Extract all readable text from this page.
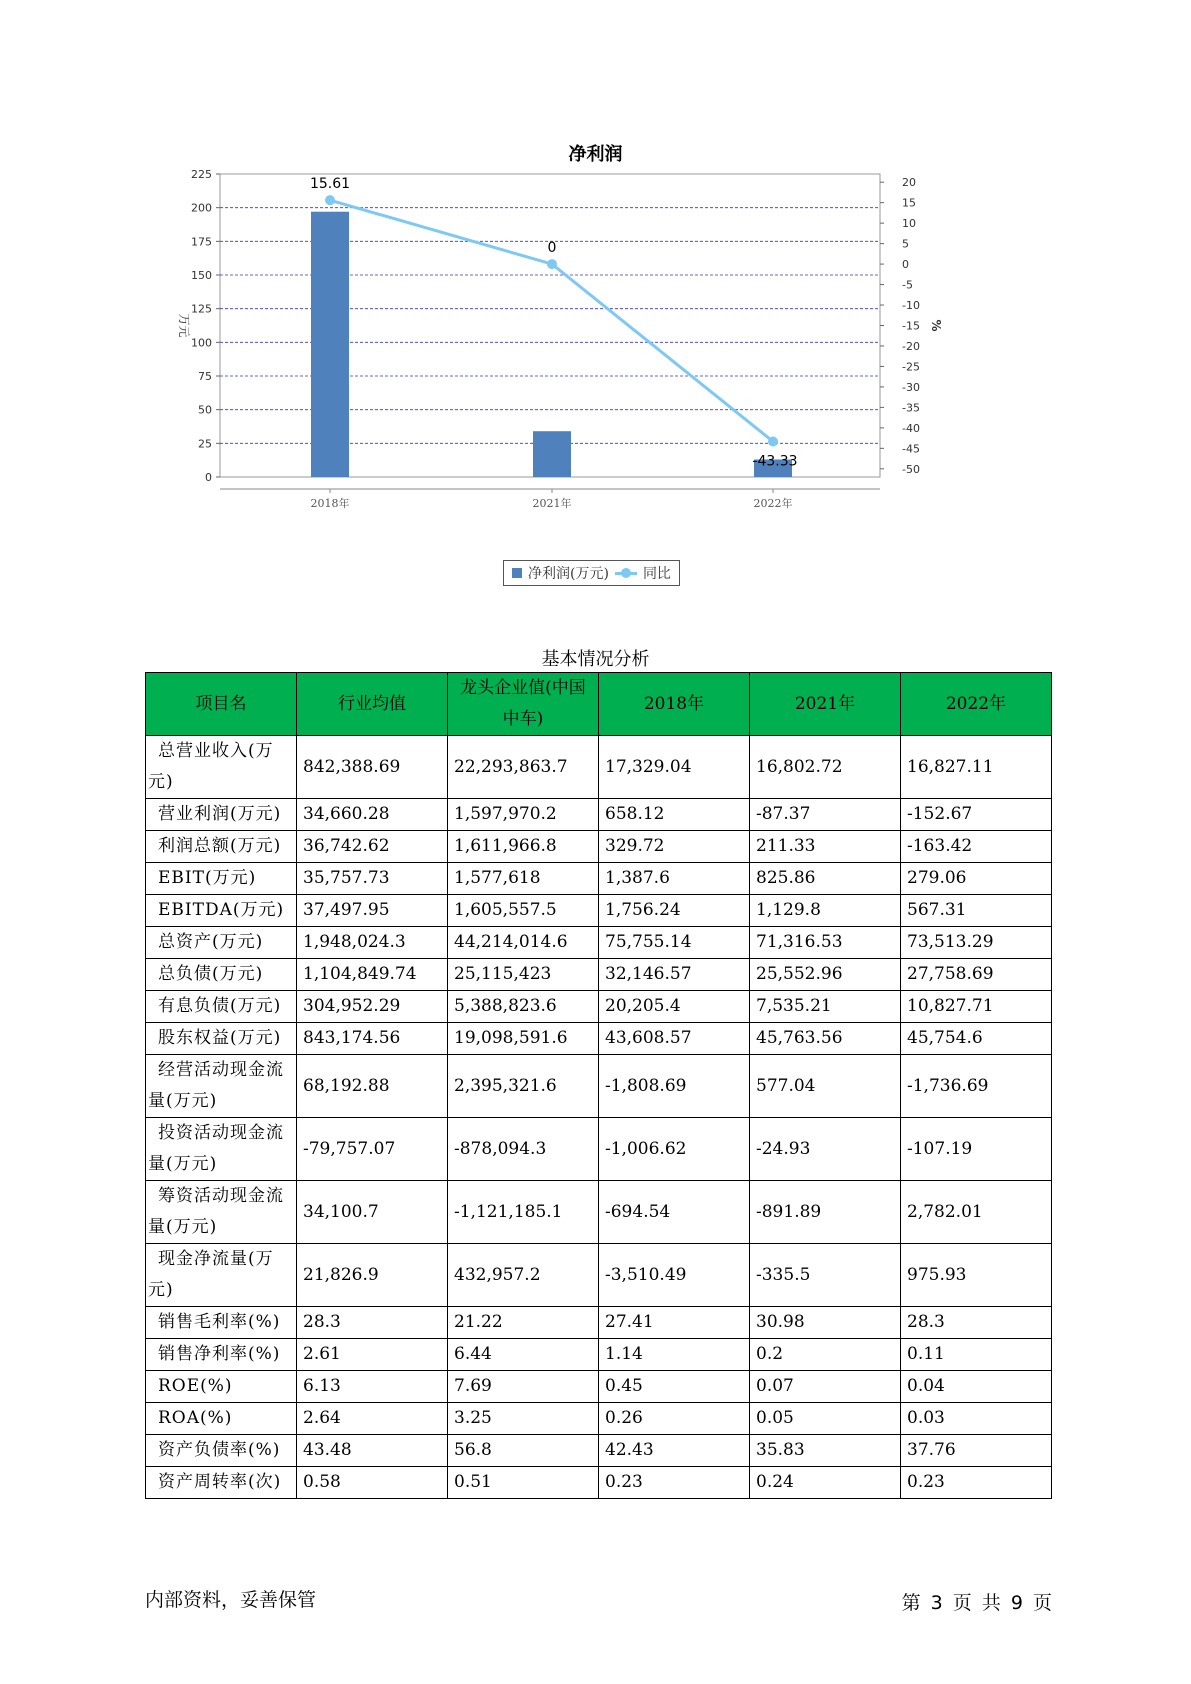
净利润
0
25
50
75
100
125
150
175
200
225
20
15
10
5
0
-5
-10
-15
-20
-25
-30
-35
-40
-45
-50
万元	%
2018年	2021年	2022年
15.61
0
-43.33
净利润(万元) 同比
基本情况分析
项目名	行业均值	龙头企业值(中国中车)	2018年	2021年	2022年
总营业收入(万元)	842,388.69	22,293,863.7	17,329.04	16,802.72	16,827.11
营业利润(万元)	34,660.28	1,597,970.2	658.12	-87.37	-152.67
利润总额(万元)	36,742.62	1,611,966.8	329.72	211.33	-163.42
EBIT(万元)	35,757.73	1,577,618	1,387.6	825.86	279.06
EBITDA(万元)	37,497.95	1,605,557.5	1,756.24	1,129.8	567.31
总资产(万元)	1,948,024.3	44,214,014.6	75,755.14	71,316.53	73,513.29
总负债(万元)	1,104,849.74	25,115,423	32,146.57	25,552.96	27,758.69
有息负债(万元)	304,952.29	5,388,823.6	20,205.4	7,535.21	10,827.71
股东权益(万元)	843,174.56	19,098,591.6	43,608.57	45,763.56	45,754.6
经营活动现金流量(万元)	68,192.88	2,395,321.6	-1,808.69	577.04	-1,736.69
投资活动现金流量(万元)	-79,757.07	-878,094.3	-1,006.62	-24.93	-107.19
筹资活动现金流量(万元)	34,100.7	-1,121,185.1	-694.54	-891.89	2,782.01
现金净流量(万元)	21,826.9	432,957.2	-3,510.49	-335.5	975.93
销售毛利率(%)	28.3	21.22	27.41	30.98	28.3
销售净利率(%)	2.61	6.44	1.14	0.2	0.11
ROE(%)	6.13	7.69	0.45	0.07	0.04
ROA(%)	2.64	3.25	0.26	0.05	0.03
资产负债率(%)	43.48	56.8	42.43	35.83	37.76
资产周转率(次)	0.58	0.51	0.23	0.24	0.23
内部资料，妥善保管	第 3 页 共 9 页
